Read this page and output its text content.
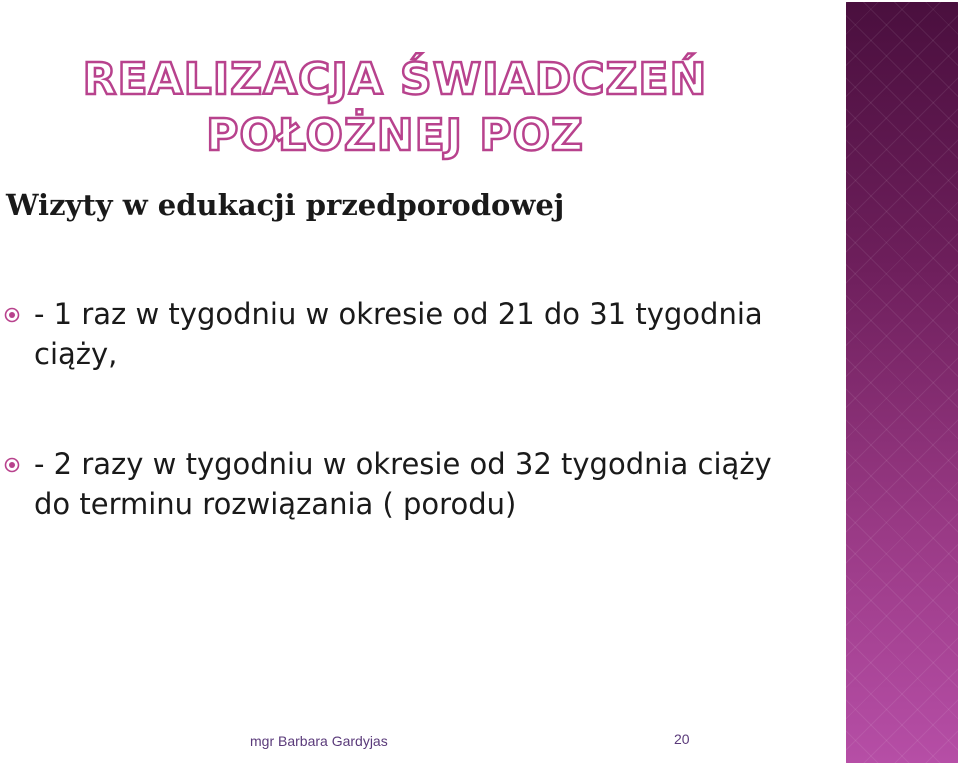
REALIZACJA ŚWIADCZEŃ POŁOŻNEJ POZ
Wizyty w edukacji przedporodowej
- 1 raz w tygodniu w okresie od 21 do 31 tygodnia ciąży,
- 2 razy w tygodniu w okresie od 32 tygodnia ciąży do terminu rozwiązania ( porodu)
mgr Barbara Gardyjas	20
